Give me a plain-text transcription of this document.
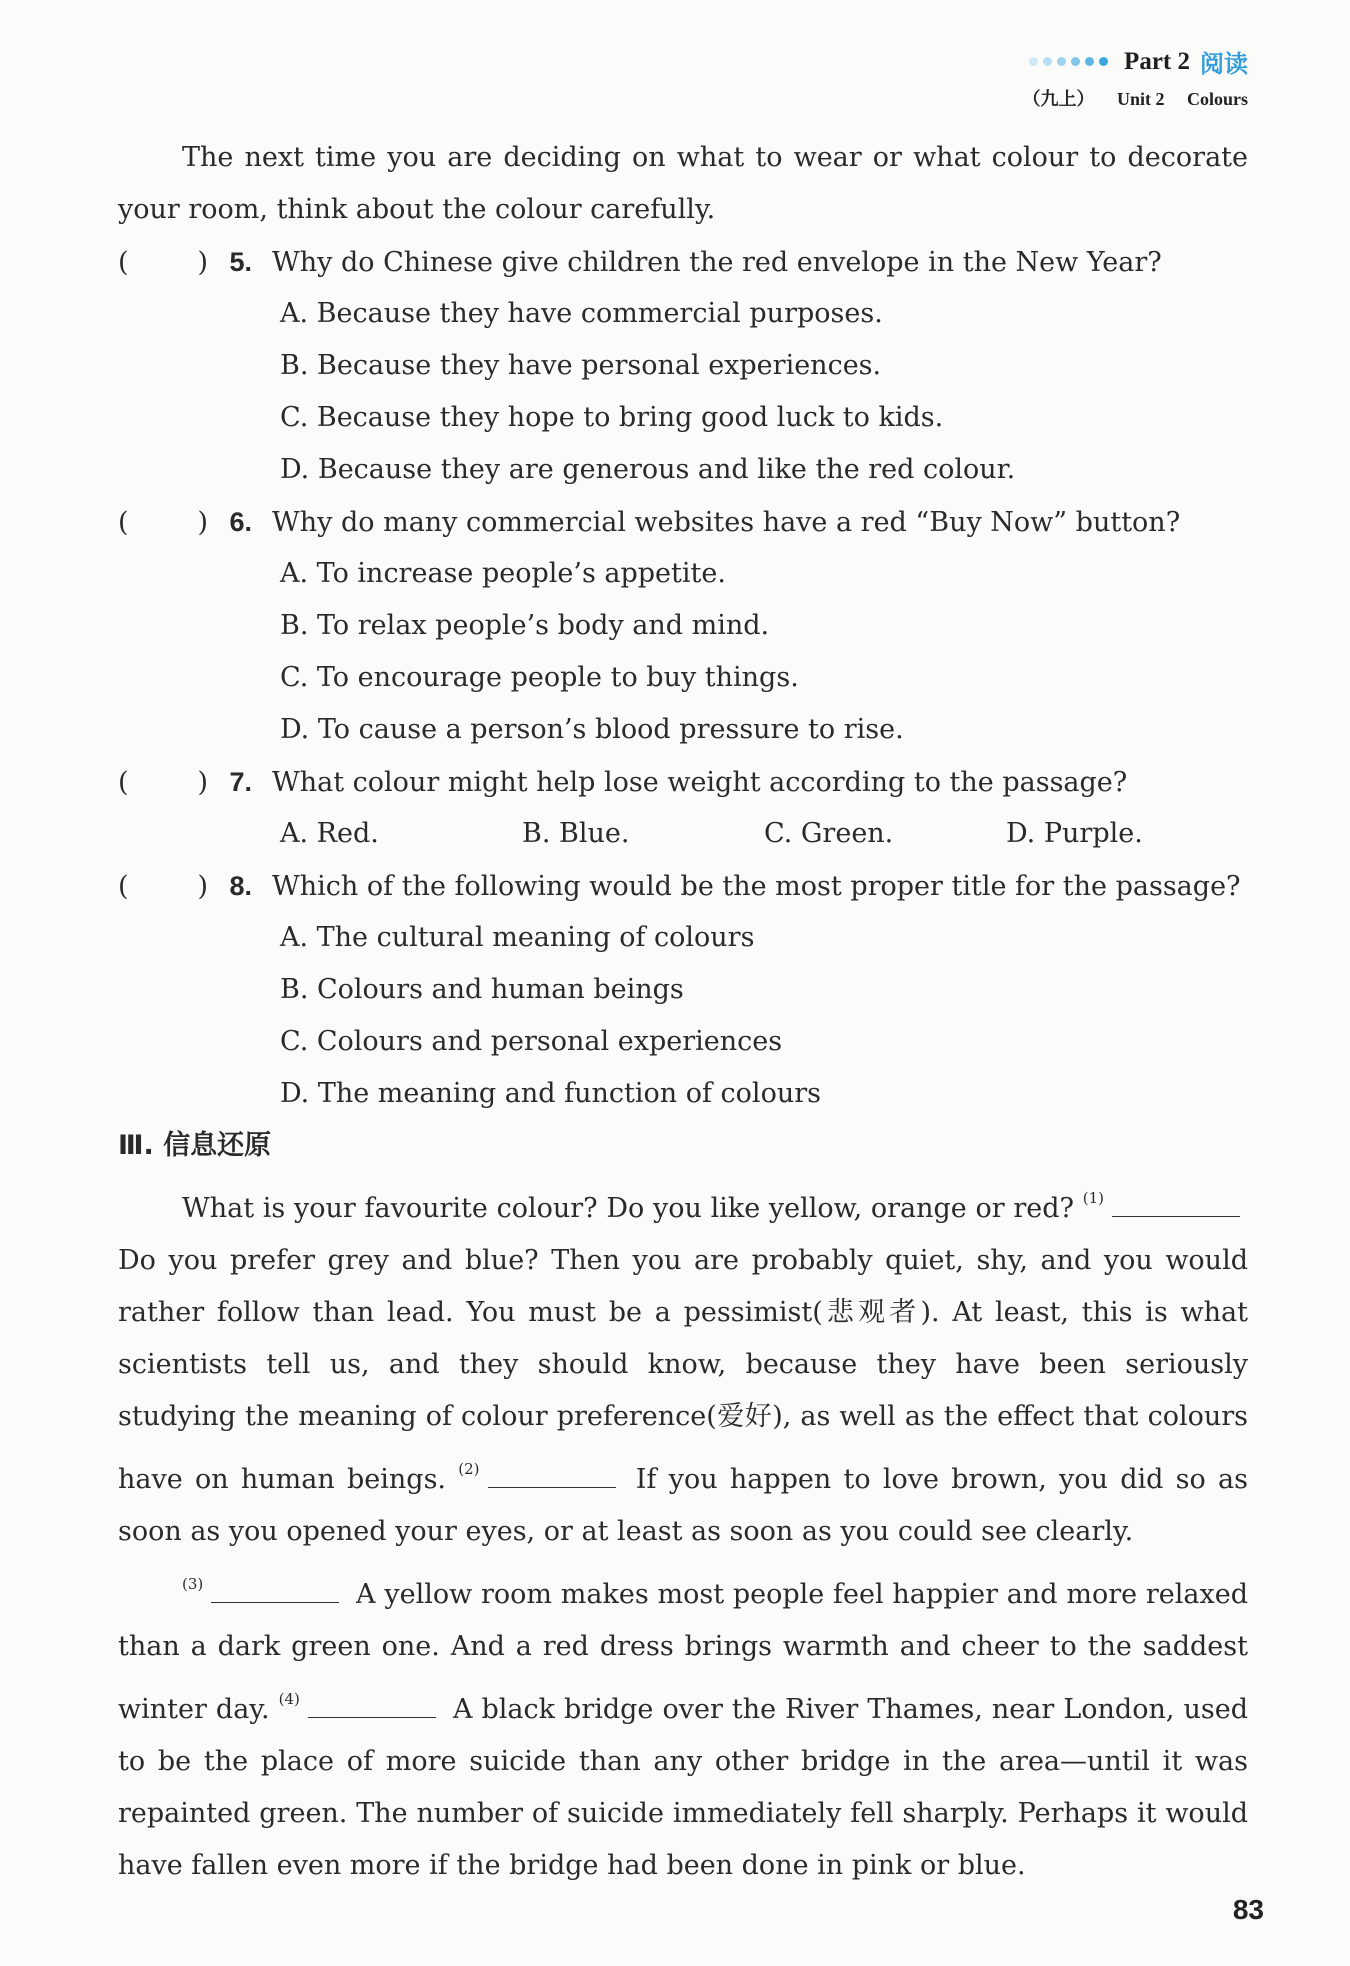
Part 2 阅读
（九上） Unit 2 Colours

The next time you are deciding on what to wear or what colour to decorate your room, think about the colour carefully.

(	) 5. Why do Chinese give children the red envelope in the New Year?
A. Because they have commercial purposes.
B. Because they have personal experiences.
C. Because they hope to bring good luck to kids.
D. Because they are generous and like the red colour.
(	) 6. Why do many commercial websites have a red “Buy Now” button?
A. To increase people’s appetite.
B. To relax people’s body and mind.
C. To encourage people to buy things.
D. To cause a person’s blood pressure to rise.
(	) 7. What colour might help lose weight according to the passage?
A. Red.	B. Blue.	C. Green.	D. Purple.
(	) 8. Which of the following would be the most proper title for the passage?
A. The cultural meaning of colours
B. Colours and human beings
C. Colours and personal experiences
D. The meaning and function of colours
Ⅲ. 信息还原

What is your favourite colour? Do you like yellow, orange or red? $^{(1)}$ Do you prefer grey and blue? Then you are probably quiet, shy, and you would rather follow than lead. You must be a pessimist(悲观者). At least, this is what scientists tell us, and they should know, because they have been seriously studying the meaning of colour preference(爱好), as well as the effect that colours have on human beings. $^{(2)}$	If you happen to love brown, you did so as soon as you opened your eyes, or at least as soon as you could see clearly.

$^{(3)}$	A yellow room makes most people feel happier and more relaxed than a dark green one. And a red dress brings warmth and cheer to the saddest winter day. $^{(4)}$	A black bridge over the River Thames, near London, used to be the place of more suicide than any other bridge in the area—until it was repainted green. The number of suicide immediately fell sharply. Perhaps it would have fallen even more if the bridge had been done in pink or blue.

83
